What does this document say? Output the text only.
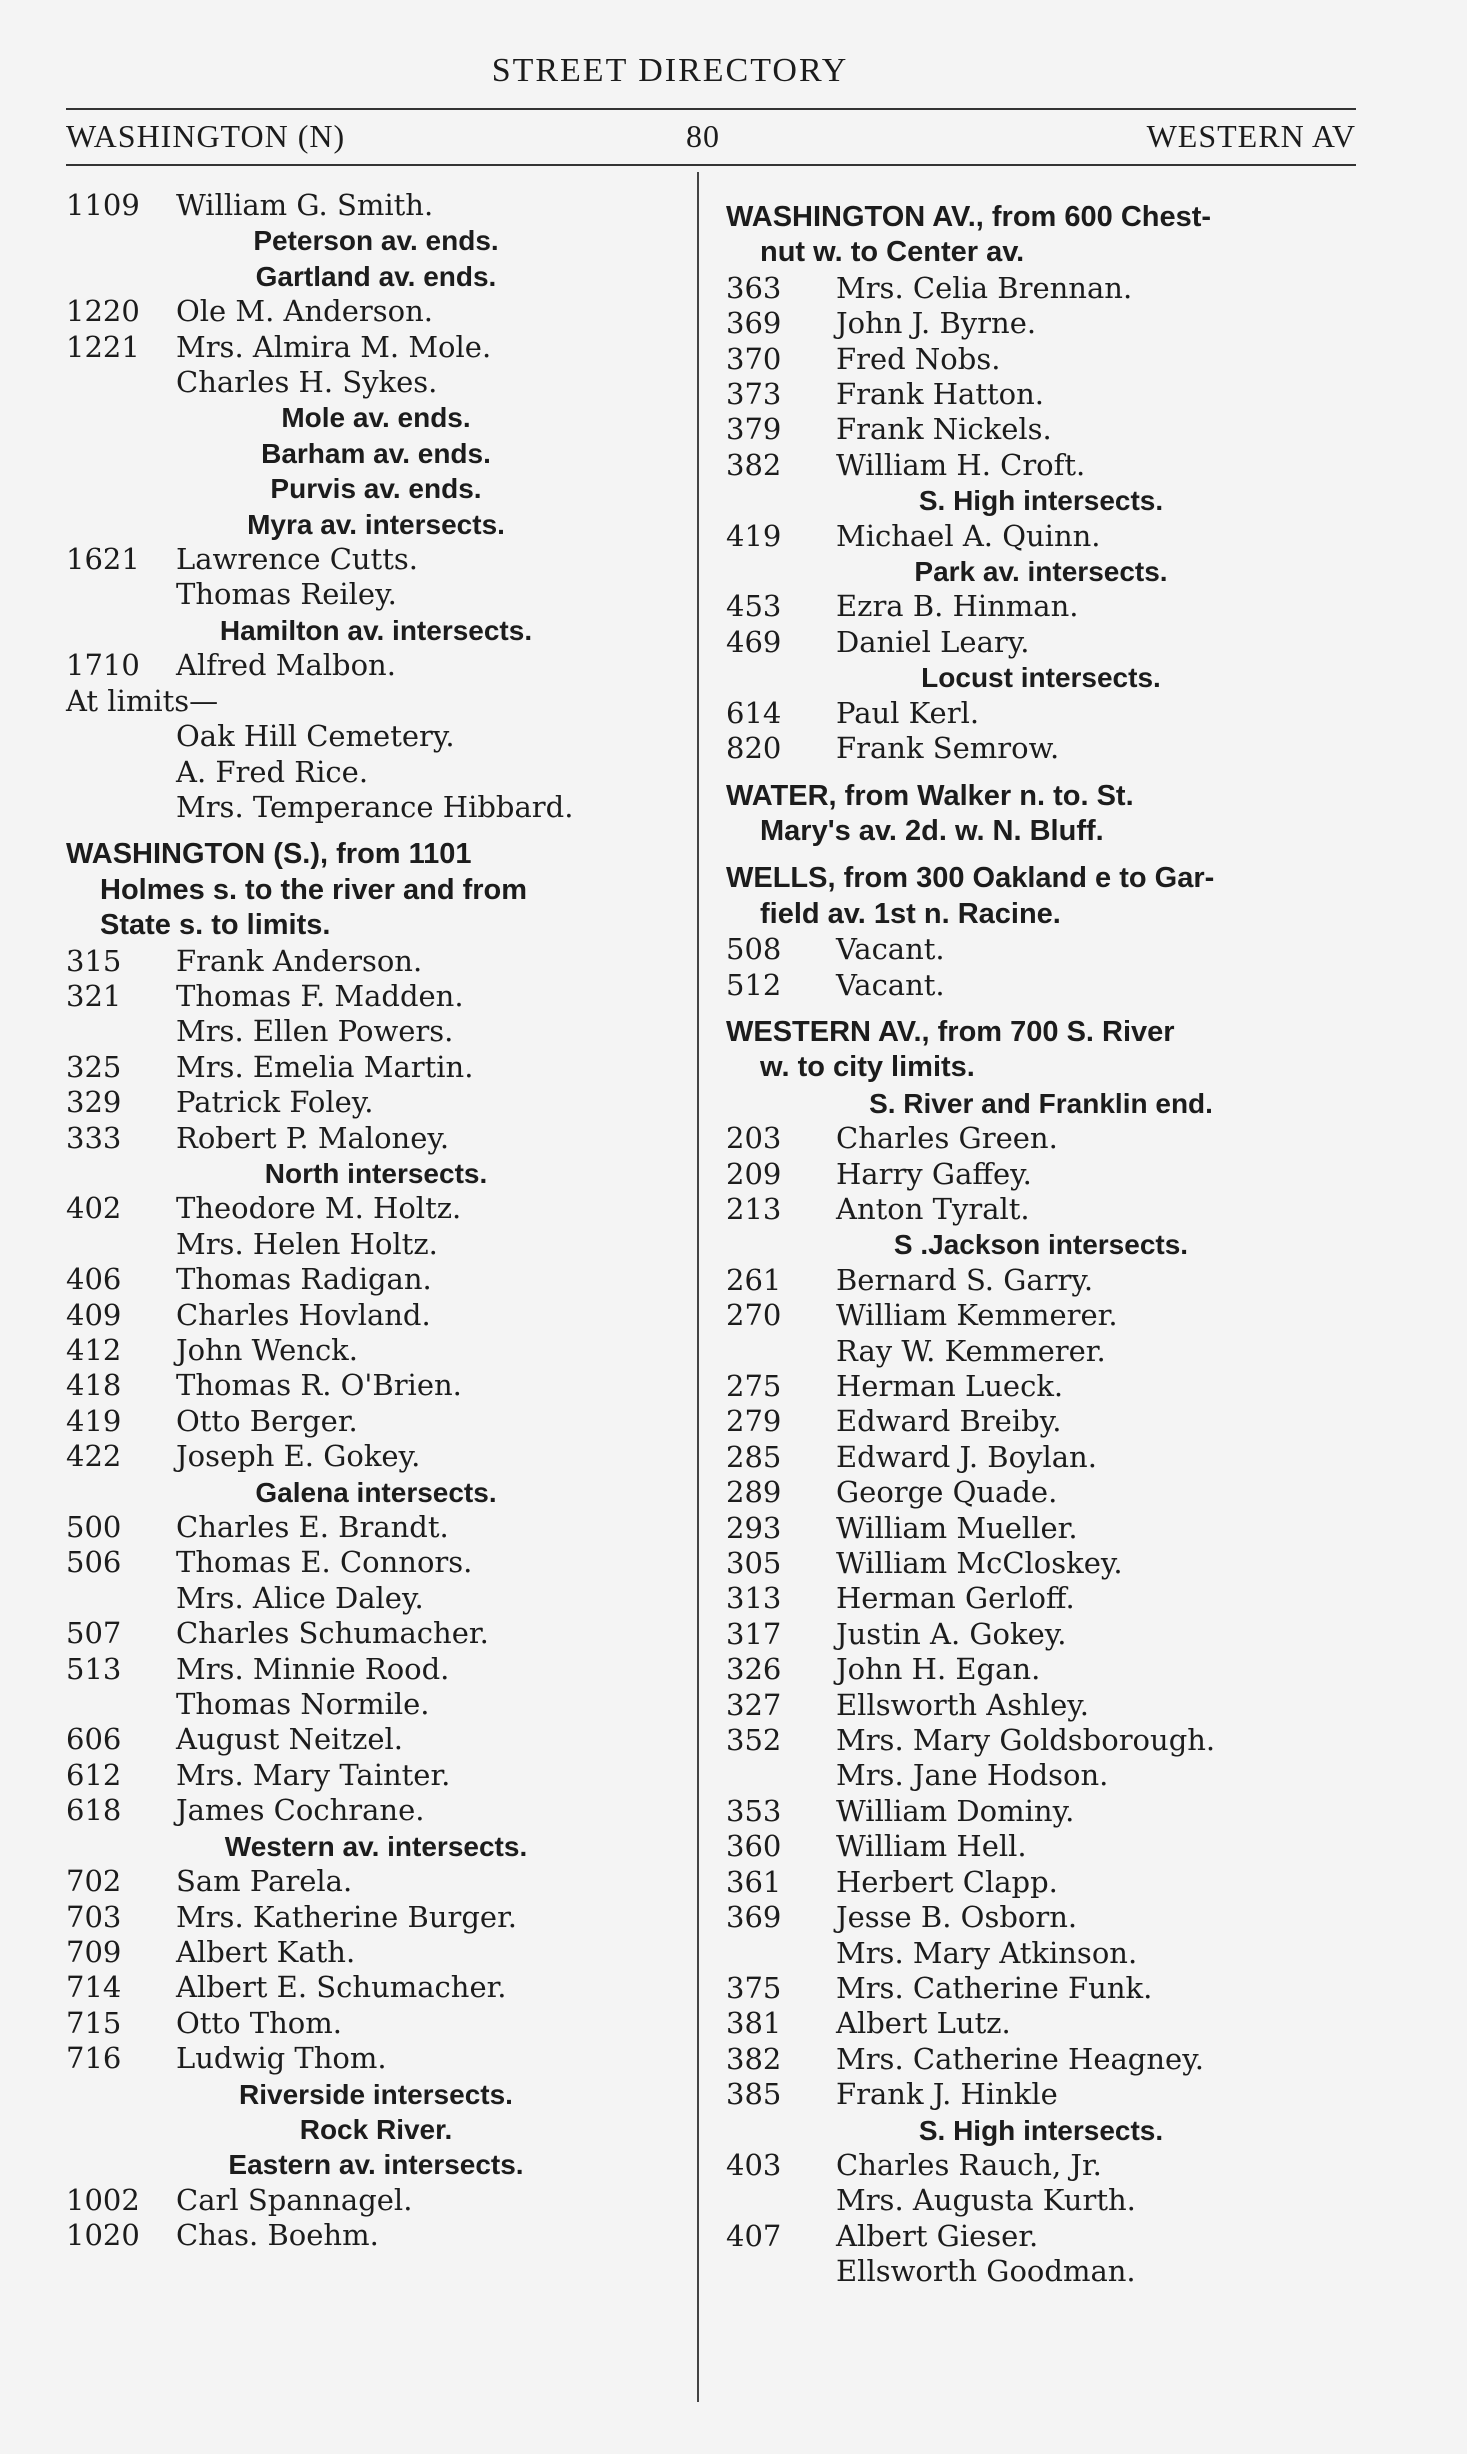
STREET DIRECTORY
WASHINGTON (N)	80	WESTERN AV
1109	William G. Smith.
Peterson av. ends.
Gartland av. ends.
1220	Ole M. Anderson.
1221	Mrs. Almira M. Mole.
Charles H. Sykes.
Mole av. ends.
Barham av. ends.
Purvis av. ends.
Myra av. intersects.
1621	Lawrence Cutts.
Thomas Reiley.
Hamilton av. intersects.
1710	Alfred Malbon.
At limits—
Oak Hill Cemetery.
A. Fred Rice.
Mrs. Temperance Hibbard.
WASHINGTON (S.), from 1101
Holmes s. to the river and from
State s. to limits.
315	Frank Anderson.
321	Thomas F. Madden.
Mrs. Ellen Powers.
325	Mrs. Emelia Martin.
329	Patrick Foley.
333	Robert P. Maloney.
North intersects.
402	Theodore M. Holtz.
Mrs. Helen Holtz.
406	Thomas Radigan.
409	Charles Hovland.
412	John Wenck.
418	Thomas R. O'Brien.
419	Otto Berger.
422	Joseph E. Gokey.
Galena intersects.
500	Charles E. Brandt.
506	Thomas E. Connors.
Mrs. Alice Daley.
507	Charles Schumacher.
513	Mrs. Minnie Rood.
Thomas Normile.
606	August Neitzel.
612	Mrs. Mary Tainter.
618	James Cochrane.
Western av. intersects.
702	Sam Parela.
703	Mrs. Katherine Burger.
709	Albert Kath.
714	Albert E. Schumacher.
715	Otto Thom.
716	Ludwig Thom.
Riverside intersects.
Rock River.
Eastern av. intersects.
1002	Carl Spannagel.
1020	Chas. Boehm.
WASHINGTON AV., from 600 Chest-
nut w. to Center av.
363	Mrs. Celia Brennan.
369	John J. Byrne.
370	Fred Nobs.
373	Frank Hatton.
379	Frank Nickels.
382	William H. Croft.
S. High intersects.
419	Michael A. Quinn.
Park av. intersects.
453	Ezra B. Hinman.
469	Daniel Leary.
Locust intersects.
614	Paul Kerl.
820	Frank Semrow.
WATER, from Walker n. to. St.
Mary's av. 2d. w. N. Bluff.
WELLS, from 300 Oakland e to Gar-
field av. 1st n. Racine.
508	Vacant.
512	Vacant.
WESTERN AV., from 700 S. River
w. to city limits.
S. River and Franklin end.
203	Charles Green.
209	Harry Gaffey.
213	Anton Tyralt.
S .Jackson intersects.
261	Bernard S. Garry.
270	William Kemmerer.
Ray W. Kemmerer.
275	Herman Lueck.
279	Edward Breiby.
285	Edward J. Boylan.
289	George Quade.
293	William Mueller.
305	William McCloskey.
313	Herman Gerloff.
317	Justin A. Gokey.
326	John H. Egan.
327	Ellsworth Ashley.
352	Mrs. Mary Goldsborough.
Mrs. Jane Hodson.
353	William Dominy.
360	William Hell.
361	Herbert Clapp.
369	Jesse B. Osborn.
Mrs. Mary Atkinson.
375	Mrs. Catherine Funk.
381	Albert Lutz.
382	Mrs. Catherine Heagney.
385	Frank J. Hinkle
S. High intersects.
403	Charles Rauch, Jr.
Mrs. Augusta Kurth.
407	Albert Gieser.
Ellsworth Goodman.
